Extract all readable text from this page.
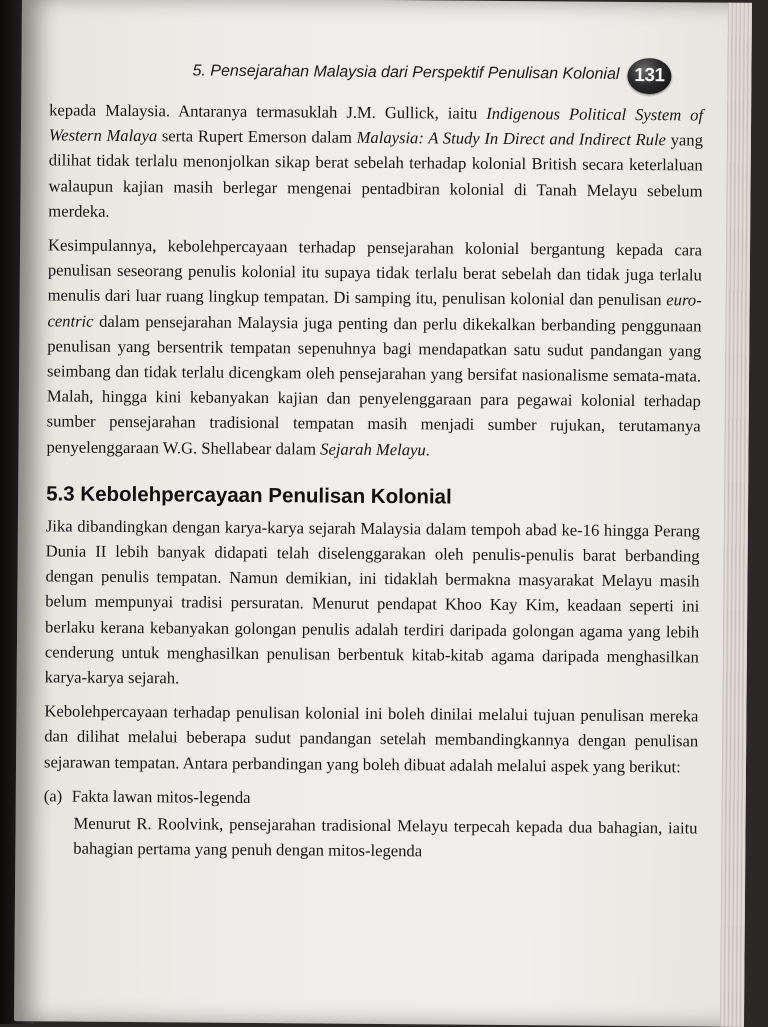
5. Pensejarahan Malaysia dari Perspektif Penulisan Kolonial 131

kepada Malaysia. Antaranya termasuklah J.M. Gullick, iaitu Indigenous Political System of Western Malaya serta Rupert Emerson dalam Malaysia: A Study In Direct and Indirect Rule yang dilihat tidak terlalu menonjolkan sikap berat sebelah terhadap kolonial British secara keterlaluan walaupun kajian masih berlegar mengenai pentadbiran kolonial di Tanah Melayu sebelum merdeka.

Kesimpulannya, kebolehpercayaan terhadap pensejarahan kolonial bergantung kepada cara penulisan seseorang penulis kolonial itu supaya tidak terlalu berat sebelah dan tidak juga terlalu menulis dari luar ruang lingkup tempatan. Di samping itu, penulisan kolonial dan penulisan euro-centric dalam pensejarahan Malaysia juga penting dan perlu dikekalkan berbanding penggunaan penulisan yang bersentrik tempatan sepenuhnya bagi mendapatkan satu sudut pandangan yang seimbang dan tidak terlalu dicengkam oleh pensejarahan yang bersifat nasionalisme semata-mata. Malah, hingga kini kebanyakan kajian dan penyelenggaraan para pegawai kolonial terhadap sumber pensejarahan tradisional tempatan masih menjadi sumber rujukan, terutamanya penyelenggaraan W.G. Shellabear dalam Sejarah Melayu.

5.3 Kebolehpercayaan Penulisan Kolonial

Jika dibandingkan dengan karya-karya sejarah Malaysia dalam tempoh abad ke-16 hingga Perang Dunia II lebih banyak didapati telah diselenggarakan oleh penulis-penulis barat berbanding dengan penulis tempatan. Namun demikian, ini tidaklah bermakna masyarakat Melayu masih belum mempunyai tradisi persuratan. Menurut pendapat Khoo Kay Kim, keadaan seperti ini berlaku kerana kebanyakan golongan penulis adalah terdiri daripada golongan agama yang lebih cenderung untuk menghasilkan penulisan berbentuk kitab-kitab agama daripada menghasilkan karya-karya sejarah.

Kebolehpercayaan terhadap penulisan kolonial ini boleh dinilai melalui tujuan penulisan mereka dan dilihat melalui beberapa sudut pandangan setelah membandingkannya dengan penulisan sejarawan tempatan. Antara perbandingan yang boleh dibuat adalah melalui aspek yang berikut:

(a) Fakta lawan mitos-legenda

Menurut R. Roolvink, pensejarahan tradisional Melayu terpecah kepada dua bahagian, iaitu bahagian pertama yang penuh dengan mitos-legenda
